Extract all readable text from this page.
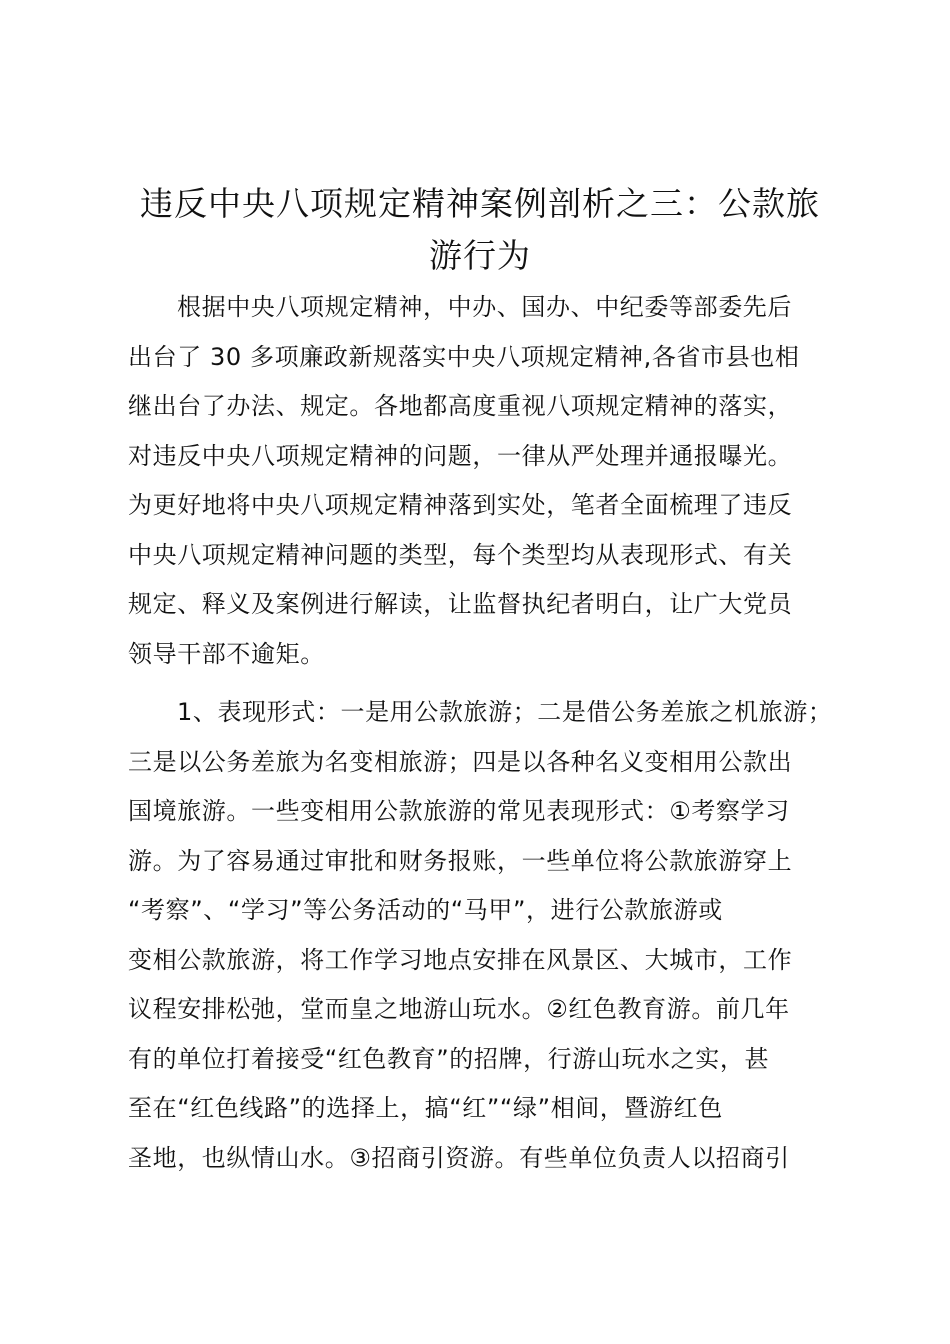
违反中央八项规定精神案例剖析之三：公款旅
游行为

根据中央八项规定精神，中办、国办、中纪委等部委先后
出台了 30 多项廉政新规落实中央八项规定精神,各省市县也相
继出台了办法、规定。各地都高度重视八项规定精神的落实，
对违反中央八项规定精神的问题，一律从严处理并通报曝光。
为更好地将中央八项规定精神落到实处，笔者全面梳理了违反
中央八项规定精神问题的类型，每个类型均从表现形式、有关
规定、释义及案例进行解读，让监督执纪者明白，让广大党员
领导干部不逾矩。

1、表现形式：一是用公款旅游；二是借公务差旅之机旅游；
三是以公务差旅为名变相旅游；四是以各种名义变相用公款出
国境旅游。一些变相用公款旅游的常见表现形式：①考察学习
游。为了容易通过审批和财务报账，一些单位将公款旅游穿上
“考察”、“学习”等公务活动的“马甲”，进行公款旅游或
变相公款旅游，将工作学习地点安排在风景区、大城市，工作
议程安排松弛，堂而皇之地游山玩水。②红色教育游。前几年
有的单位打着接受“红色教育”的招牌，行游山玩水之实，甚
至在“红色线路”的选择上，搞“红”“绿”相间，暨游红色
圣地，也纵情山水。③招商引资游。有些单位负责人以招商引
